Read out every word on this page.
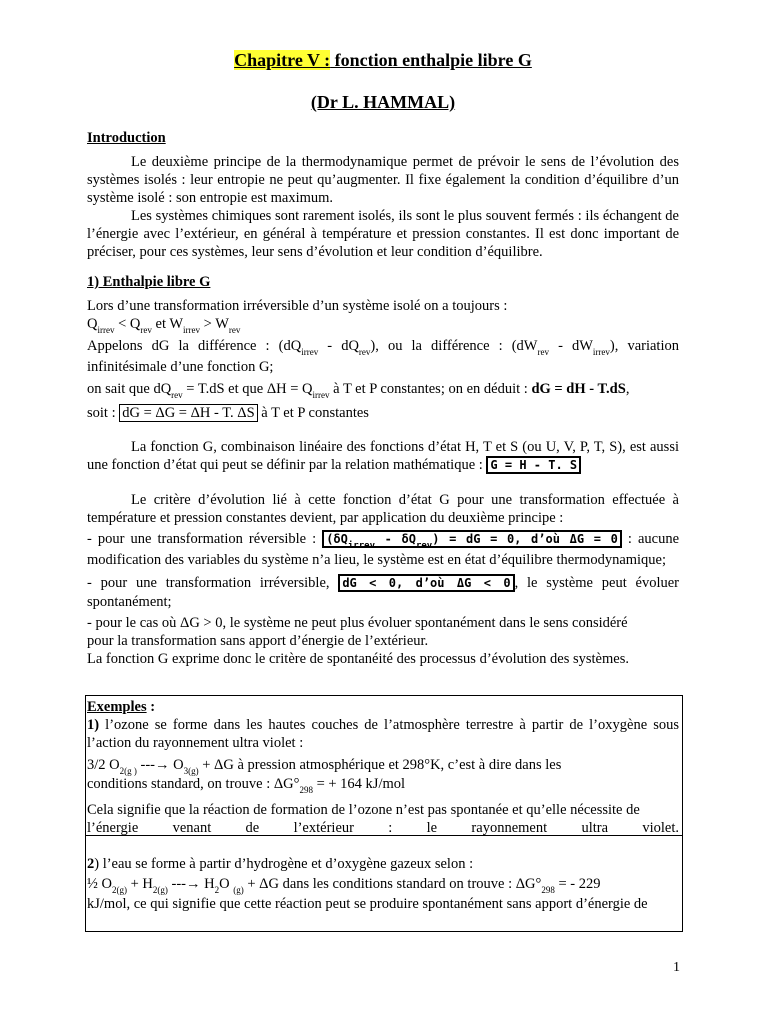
Chapitre V : fonction enthalpie libre G
(Dr L. HAMMAL)
Introduction
Le deuxième principe de la thermodynamique permet de prévoir le sens de l’évolution des systèmes isolés : leur entropie ne peut qu’augmenter. Il fixe également la condition d’équilibre d’un système isolé : son entropie est maximum.
Les systèmes chimiques sont rarement isolés, ils sont le plus souvent fermés : ils échangent de l’énergie avec l’extérieur, en général à température et pression constantes. Il est donc important de préciser, pour ces systèmes, leur sens d’évolution et leur condition d’équilibre.
1) Enthalpie libre G
Lors d’une transformation irréversible d’un système isolé on a toujours :
$Q_{irrev} < Q_{rev}$ et $W_{irrev} > W_{rev}$
Appelons dG la différence : $(dQ_{irrev} - dQ_{rev})$, ou la différence : $(dW_{rev} - dW_{irrev})$, variation infinitésimale d’une fonction G;
on sait que $dQ_{rev} = T.dS$ et que $\Delta H = Q_{irrev}$ à T et P constantes; on en déduit : dG = dH - T.dS,
soit : dG = ΔG = ΔH - T. ΔS à T et P constantes
La fonction G, combinaison linéaire des fonctions d’état H, T et S (ou U, V, P, T, S), est aussi une fonction d’état qui peut se définir par la relation mathématique : G = H - T. S
Le critère d’évolution lié à cette fonction d’état G pour une transformation effectuée à température et pression constantes devient, par application du deuxième principe :
- pour une transformation réversible : $(\delta Q_{irrev} - \delta Q_{rev})$ = dG = 0, d’où ΔG = 0 : aucune modification des variables du système n’a lieu, le système est en état d’équilibre thermodynamique;
- pour une transformation irréversible, dG < 0, d’où ΔG < 0 , le système peut évoluer spontanément;
- pour le cas où ΔG > 0, le système ne peut plus évoluer spontanément dans le sens considéré
pour la transformation sans apport d’énergie de l’extérieur.
La fonction G exprime donc le critère de spontanéité des processus d’évolution des systèmes.
Exemples :
1) l’ozone se forme dans les hautes couches de l’atmosphère terrestre à partir de l’oxygène sous l’action du rayonnement ultra violet :
3/2 $O_{2(g )}$ ---→ $O_{3(g)} + \Delta G$ à pression atmosphérique et 298°K, c’est à dire dans les
conditions standard, on trouve : $\Delta G^\circ_{298}$ = + 164 kJ/mol
Cela signifie que la réaction de formation de l’ozone n’est pas spontanée et qu’elle nécessite de
l’énergie venant de l’extérieur : le rayonnement ultra violet.
2) l’eau se forme à partir d’hydrogène et d’oxygène gazeux selon :
½ $O_{2(g)} + H_{2(g)}$ ---→ $H_2O$ $_{(g)}$ + ΔG dans les conditions standard on trouve : $\Delta G^\circ_{298}$ = - 229
kJ/mol, ce qui signifie que cette réaction peut se produire spontanément sans apport d’énergie de
1
